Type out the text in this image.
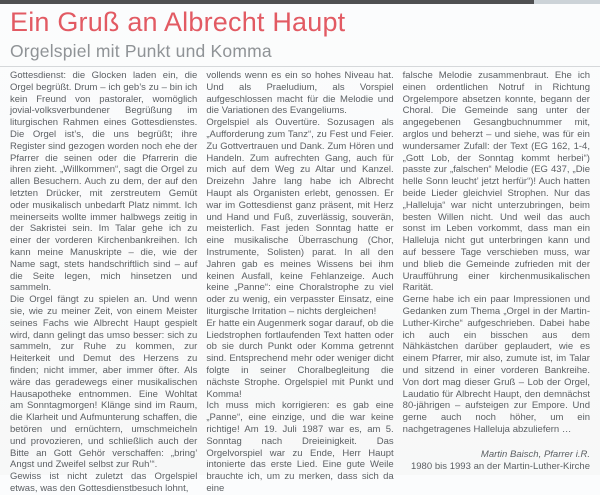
Ein Gruß an Albrecht Haupt
Orgelspiel mit Punkt und Komma

Gottesdienst: die Glocken laden ein, die Orgel begrüßt. Drum – ich geb’s zu – bin ich kein Freund von pastoraler, womöglich jovial-volksverbundener Begrüßung im liturgischen Rahmen eines Gottesdienstes. Die Orgel ist’s, die uns begrüßt; ihre Register sind gezogen worden noch ehe der Pfarrer die seinen oder die Pfarrerin die ihren zieht. „Willkommen“, sagt die Orgel zu allen Besuchern. Auch zu dem, der auf den letzten Drücker, mit zerstreutem Gemüt oder musikalisch unbedarft Platz nimmt. Ich meinerseits wollte immer halbwegs zeitig in der Sakristei sein. Im Talar gehe ich zu einer der vorderen Kirchenbankreihen. Ich kann meine Manuskripte – die, wie der Name sagt, stets handschriftlich sind – auf die Seite legen, mich hinsetzen und sammeln.

Die Orgel fängt zu spielen an. Und wenn sie, wie zu meiner Zeit, von einem Meister seines Fachs wie Albrecht Haupt gespielt wird, dann gelingt das umso besser: sich zu sammeln, zur Ruhe zu kommen, zur Heiterkeit und Demut des Herzens zu finden; nicht immer, aber immer öfter. Als wäre das geradewegs einer musikalischen Hausapotheke entnommen. Eine Wohltat am Sonntagmorgen! Klänge sind im Raum, die Klarheit und Aufmunterung schaffen, die betören und ernüchtern, umschmeicheln und provozieren, und schließlich auch der Bitte an Gott Gehör verschaffen: „bring’ Angst und Zweifel selbst zur Ruh’“.

Gewiss ist nicht zuletzt das Orgelspiel etwas, was den Gottesdienstbesuch lohnt,

vollends wenn es ein so hohes Niveau hat. Und als Praeludium, als Vorspiel aufgeschlossen macht für die Melodie und die Variationen des Evangeliums.

Orgelspiel als Ouvertüre. Sozusagen als „Aufforderung zum Tanz“, zu Fest und Feier. Zu Gottvertrauen und Dank. Zum Hören und Handeln. Zum aufrechten Gang, auch für mich auf dem Weg zu Altar und Kanzel. Dreizehn Jahre lang habe ich Albrecht Haupt als Organisten erlebt, genossen. Er war im Gottesdienst ganz präsent, mit Herz und Hand und Fuß, zuverlässig, souverän, meisterlich. Fast jeden Sonntag hatte er eine musikalische Überraschung (Chor, Instrumente, Solisten) parat. In all den Jahren gab es meines Wissens bei ihm keinen Ausfall, keine Fehlanzeige. Auch keine „Panne“: eine Choralstrophe zu viel oder zu wenig, ein verpasster Einsatz, eine liturgische Irritation – nichts dergleichen!

Er hatte ein Augenmerk sogar darauf, ob die Liedstrophen fortlaufenden Text hatten oder ob sie durch Punkt oder Komma getrennt sind. Entsprechend mehr oder weniger dicht folgte in seiner Choralbegleitung die nächste Strophe. Orgelspiel mit Punkt und Komma!

Ich muss mich korrigieren: es gab eine „Panne“, eine einzige, und die war keine richtige! Am 19. Juli 1987 war es, am 5. Sonntag nach Dreieinigkeit. Das Orgelvorspiel war zu Ende, Herr Haupt intonierte das erste Lied. Eine gute Weile brauchte ich, um zu merken, dass sich da eine

falsche Melodie zusammenbraut. Ehe ich einen ordentlichen Notruf in Richtung Orgelempore absetzen konnte, begann der Choral. Die Gemeinde sang unter der angegebenen Gesangbuchnummer mit, arglos und beherzt – und siehe, was für ein wundersamer Zufall: der Text (EG 162, 1-4, „Gott Lob, der Sonntag kommt herbei“) passte zur „falschen“ Melodie (EG 437, „Die helle Sonn leucht’ jetzt herfür“)! Auch hatten beide Lieder gleichviel Strophen. Nur das „Halleluja“ war nicht unterzubringen, beim besten Willen nicht. Und weil das auch sonst im Leben vorkommt, dass man ein Halleluja nicht gut unterbringen kann und auf bessere Tage verschieben muss, war und blieb die Gemeinde zufrieden mit der Uraufführung einer kirchenmusikalischen Rarität.

Gerne habe ich ein paar Impressionen und Gedanken zum Thema „Orgel in der Martin-Luther-Kirche“ aufgeschrieben. Dabei habe ich auch ein bisschen aus dem Nähkästchen darüber geplaudert, wie es einem Pfarrer, mir also, zumute ist, im Talar und sitzend in einer vorderen Bankreihe. Von dort mag dieser Gruß – Lob der Orgel, Laudatio für Albrecht Haupt, den demnächst 80-jährigen – aufsteigen zur Empore. Und gerne auch noch höher, um ein nachgetragenes Halleluja abzuliefern …

Martin Baisch, Pfarrer i.R.

1980 bis 1993 an der Martin-Luther-Kirche
